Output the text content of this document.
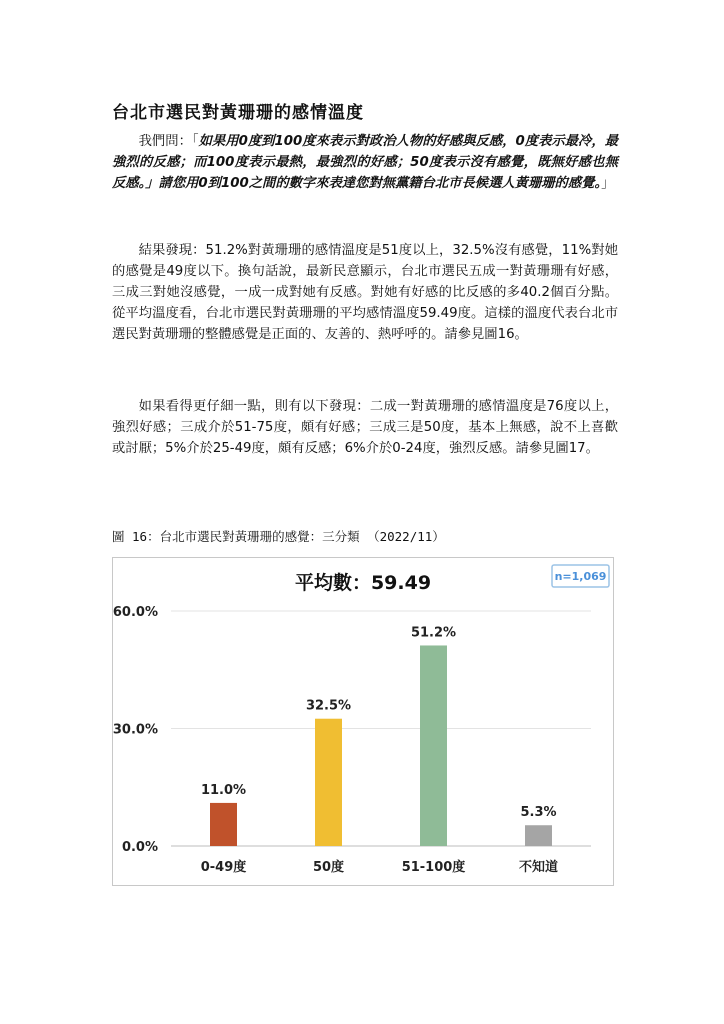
台北市選民對黃珊珊的感情溫度

我們問：「如果用0度到100度來表示對政治人物的好感與反感，0度表示最冷，最強烈的反感；而100度表示最熱，最強烈的好感；50度表示沒有感覺，既無好感也無反感。」請您用0到100之間的數字來表達您對無黨籍台北市長候選人黃珊珊的感覺。」

結果發現：51.2%對黃珊珊的感情溫度是51度以上，32.5%沒有感覺，11%對她的感覺是49度以下。換句話說，最新民意顯示，台北市選民五成一對黃珊珊有好感，三成三對她沒感覺，一成一成對她有反感。對她有好感的比反感的多40.2個百分點。從平均溫度看，台北市選民對黃珊珊的平均感情溫度59.49度。這樣的溫度代表台北市選民對黃珊珊的整體感覺是正面的、友善的、熱呼呼的。請參見圖16。

如果看得更仔細一點，則有以下發現：二成一對黃珊珊的感情溫度是76度以上，強烈好感；三成介於51-75度，頗有好感；三成三是50度，基本上無感，說不上喜歡或討厭；5%介於25-49度，頗有反感；6%介於0-24度，強烈反感。請參見圖17。

圖 16：台北市選民對黃珊珊的感覺：三分類 （2022/11）

平均數：59.49	n=1,069
0.0%
30.0%
60.0%
11.0%
0-49度
32.5%
50度
51.2%
51-100度
5.3%
不知道
